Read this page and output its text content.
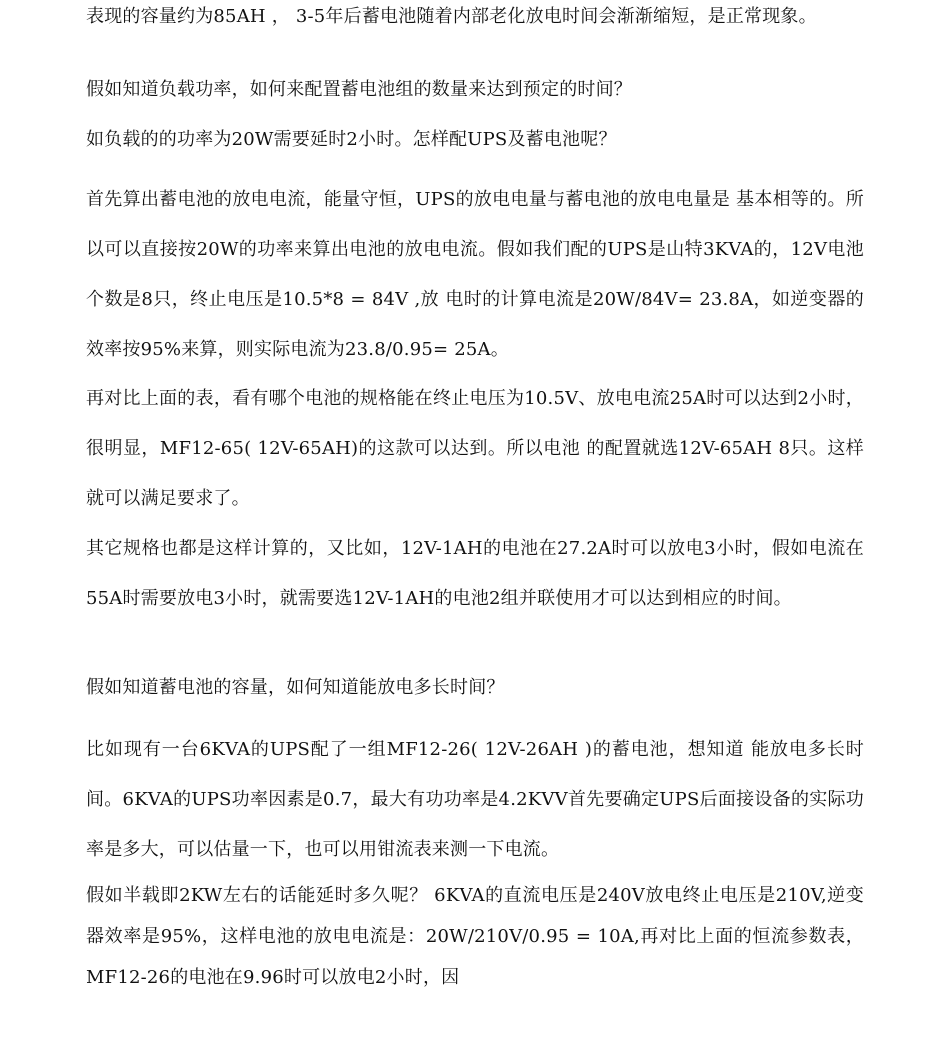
表现的容量约为85AH ， 3-5年后蓄电池随着内部老化放电时间会渐渐缩短，是正常现象。

假如知道负载功率，如何来配置蓄电池组的数量来达到预定的时间？

如负载的的功率为20W需要延时2小时。怎样配UPS及蓄电池呢？

首先算出蓄电池的放电电流，能量守恒，UPS的放电电量与蓄电池的放电电量是 基本相等的。所以可以直接按20W的功率来算出电池的放电电流。假如我们配的UPS是山特3KVA的，12V电池个数是8只，终止电压是10.5*8 = 84V ,放 电时的计算电流是20W/84V= 23.8A，如逆变器的效率按95%来算，则实际电流为23.8/0.95= 25A。

再对比上面的表，看有哪个电池的规格能在终止电压为10.5V、放电电流25A时可以达到2小时，很明显，MF12-65( 12V-65AH)的这款可以达到。所以电池 的配置就选12V-65AH 8只。这样就可以满足要求了。

其它规格也都是这样计算的，又比如，12V-1AH的电池在27.2A时可以放电3小时，假如电流在55A时需要放电3小时，就需要选12V-1AH的电池2组并联使用才可以达到相应的时间。

假如知道蓄电池的容量，如何知道能放电多长时间？

比如现有一台6KVA的UPS配了一组MF12-26( 12V-26AH )的蓄电池，想知道 能放电多长时间。6KVA的UPS功率因素是0.7，最大有功功率是4.2KVV首先要确定UPS后面接设备的实际功率是多大，可以估量一下，也可以用钳流表来测一下电流。

假如半载即2KW左右的话能延时多久呢？ 6KVA的直流电压是240V放电终止电压是210V,逆变器效率是95%，这样电池的放电电流是：20W/210V/0.95 = 10A,再对比上面的恒流参数表，MF12-26的电池在9.96时可以放电2小时，因
